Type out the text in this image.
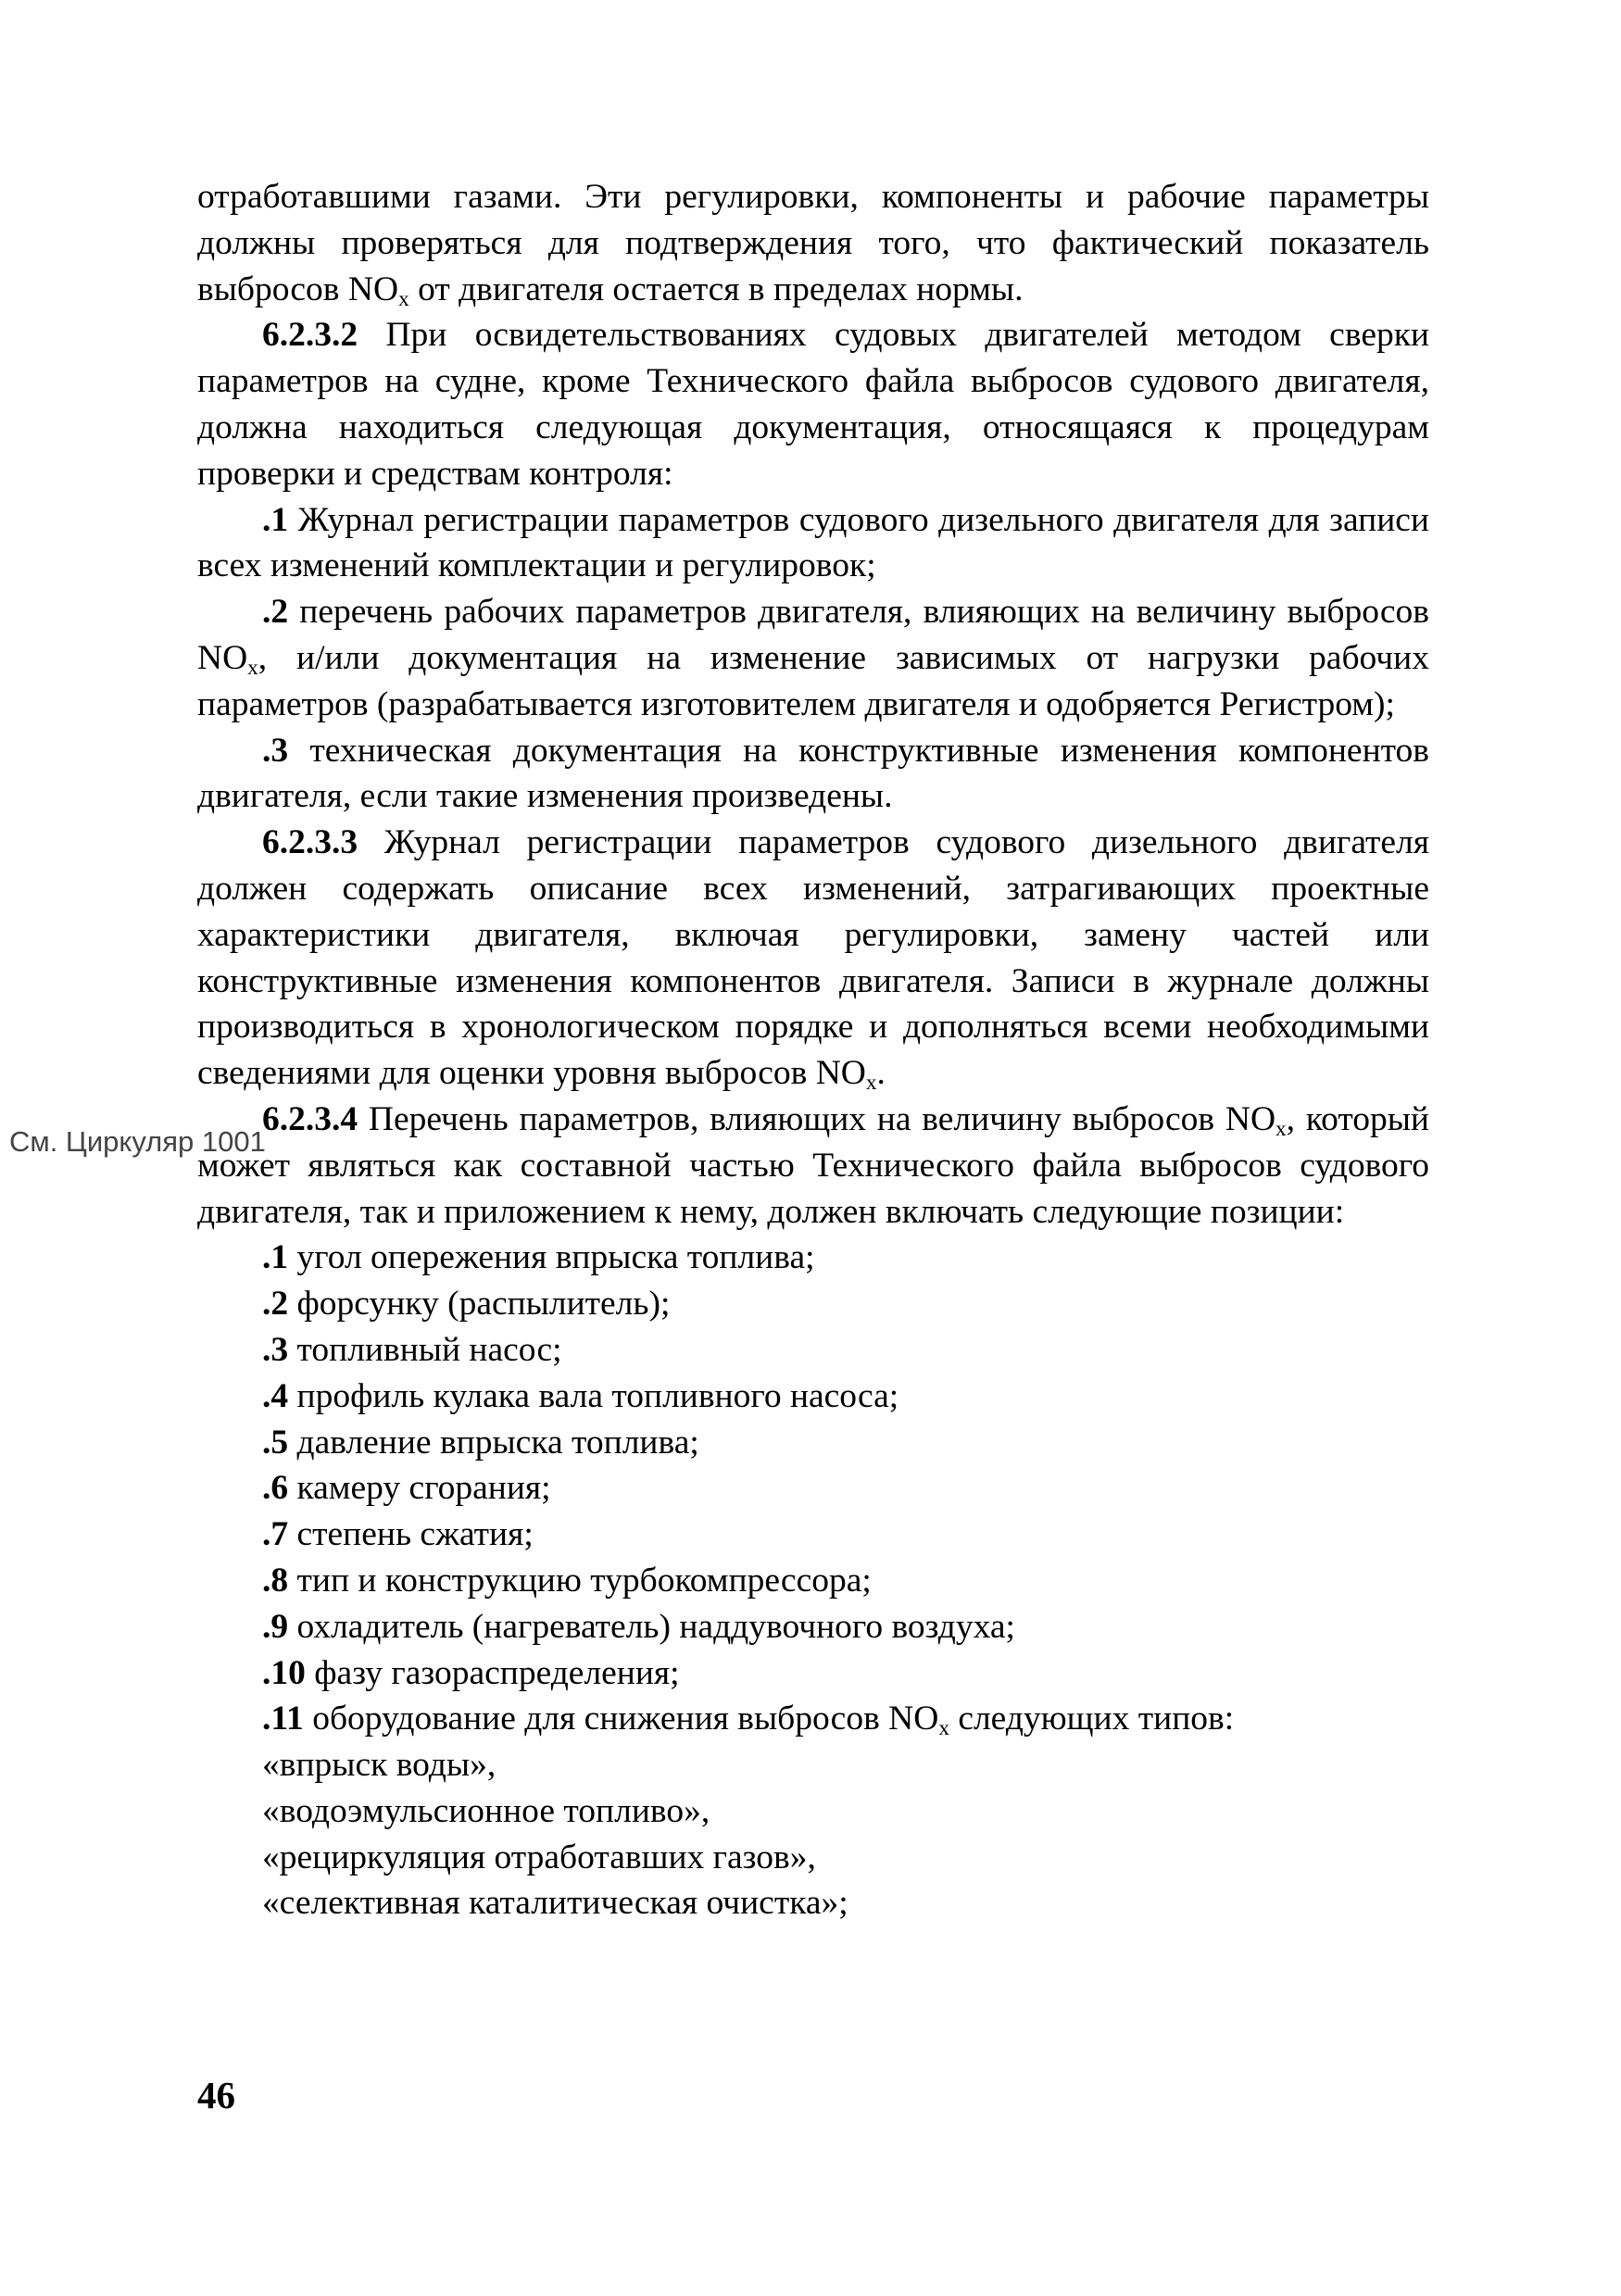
См. Циркуляр 1001

отработавшими газами. Эти регулировки, компоненты и рабочие параметры должны проверяться для подтверждения того, что фактический показатель выбросов $NO_x$ от двигателя остается в пределах нормы.

6.2.3.2 При освидетельствованиях судовых двигателей методом сверки параметров на судне, кроме Технического файла выбросов судового двигателя, должна находиться следующая документация, относящаяся к процедурам проверки и средствам контроля:

.1 Журнал регистрации параметров судового дизельного двигателя для записи всех изменений комплектации и регулировок;

.2 перечень рабочих параметров двигателя, влияющих на величину выбросов $NO_x$, и/или документация на изменение зависимых от нагрузки рабочих параметров (разрабатывается изготовителем двигателя и одобряется Регистром);

.3 техническая документация на конструктивные изменения компонентов двигателя, если такие изменения произведены.

6.2.3.3 Журнал регистрации параметров судового дизельного двигателя должен содержать описание всех изменений, затрагивающих проектные характеристики двигателя, включая регулировки, замену частей или конструктивные изменения компонентов двигателя. Записи в журнале должны производиться в хронологическом порядке и дополняться всеми необходимыми сведениями для оценки уровня выбросов $NO_x$.

6.2.3.4 Перечень параметров, влияющих на величину выбросов $NO_x$, который может являться как составной частью Технического файла выбросов судового двигателя, так и приложением к нему, должен включать следующие позиции:

.1 угол опережения впрыска топлива;

.2 форсунку (распылитель);

.3 топливный насос;

.4 профиль кулака вала топливного насоса;

.5 давление впрыска топлива;

.6 камеру сгорания;

.7 степень сжатия;

.8 тип и конструкцию турбокомпрессора;

.9 охладитель (нагреватель) наддувочного воздуха;

.10 фазу газораспределения;

.11 оборудование для снижения выбросов $NO_x$ следующих типов:

«впрыск воды»,

«водоэмульсионное топливо»,

«рециркуляция отработавших газов»,

«селективная каталитическая очистка»;

46
